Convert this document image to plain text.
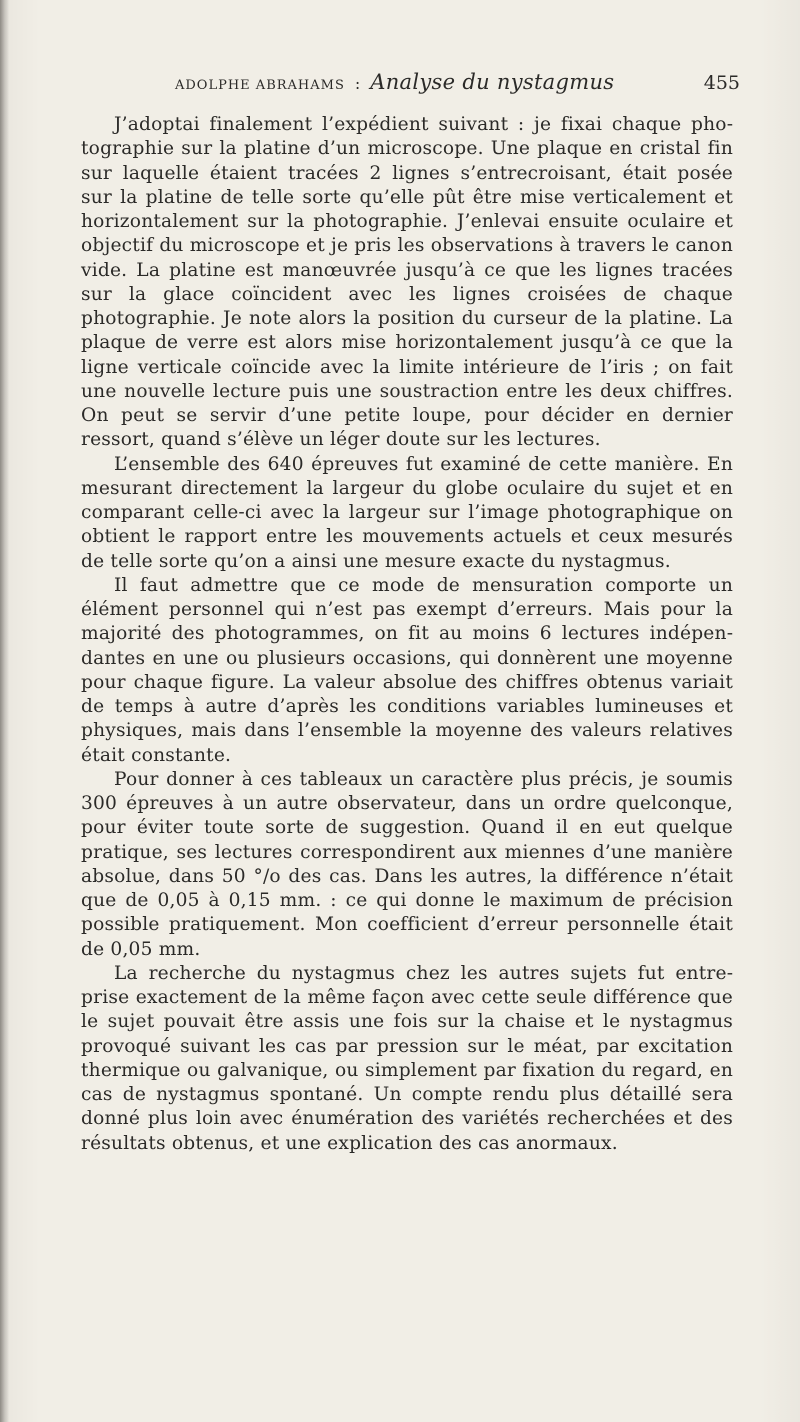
ADOLPHE ABRAHAMS : Analyse du nystagmus	455

J’adoptai finalement l’expédient suivant : je fixai chaque photographie sur la platine d’un microscope. Une plaque en cristal fin sur laquelle étaient tracées 2 lignes s’entrecroisant, était posée sur la platine de telle sorte qu’elle pût être mise verticalement et horizontalement sur la photographie. J’enlevai ensuite oculaire et objectif du microscope et je pris les observations à travers le canon vide. La platine est manœuvrée jusqu’à ce que les lignes tracées sur la glace coïncident avec les lignes croisées de chaque photographie. Je note alors la position du curseur de la platine. La plaque de verre est alors mise horizontalement jusqu’à ce que la ligne verticale coïncide avec la limite intérieure de l’iris ; on fait une nouvelle lecture puis une soustraction entre les deux chiffres. On peut se servir d’une petite loupe, pour décider en dernier ressort, quand s’élève un léger doute sur les lectures.

L’ensemble des 640 épreuves fut examiné de cette manière. En mesurant directement la largeur du globe oculaire du sujet et en comparant celle-ci avec la largeur sur l’image photographique on obtient le rapport entre les mouvements actuels et ceux mesurés de telle sorte qu’on a ainsi une mesure exacte du nystagmus.

Il faut admettre que ce mode de mensuration comporte un élément personnel qui n’est pas exempt d’erreurs. Mais pour la majorité des photogrammes, on fit au moins 6 lectures indépendantes en une ou plusieurs occasions, qui donnèrent une moyenne pour chaque figure. La valeur absolue des chiffres obtenus variait de temps à autre d’après les conditions variables lumineuses et physiques, mais dans l’ensemble la moyenne des valeurs relatives était constante.

Pour donner à ces tableaux un caractère plus précis, je soumis 300 épreuves à un autre observateur, dans un ordre quelconque, pour éviter toute sorte de suggestion. Quand il en eut quelque pratique, ses lectures correspondirent aux miennes d’une manière absolue, dans 50 °/o des cas. Dans les autres, la différence n’était que de 0,05 à 0,15 mm. : ce qui donne le maximum de précision possible pratiquement. Mon coefficient d’erreur personnelle était de 0,05 mm.

La recherche du nystagmus chez les autres sujets fut entreprise exactement de la même façon avec cette seule différence que le sujet pouvait être assis une fois sur la chaise et le nystagmus provoqué suivant les cas par pression sur le méat, par excitation thermique ou galvanique, ou simplement par fixation du regard, en cas de nystagmus spontané. Un compte rendu plus détaillé sera donné plus loin avec énumération des variétés recherchées et des résultats obtenus, et une explication des cas anormaux.
